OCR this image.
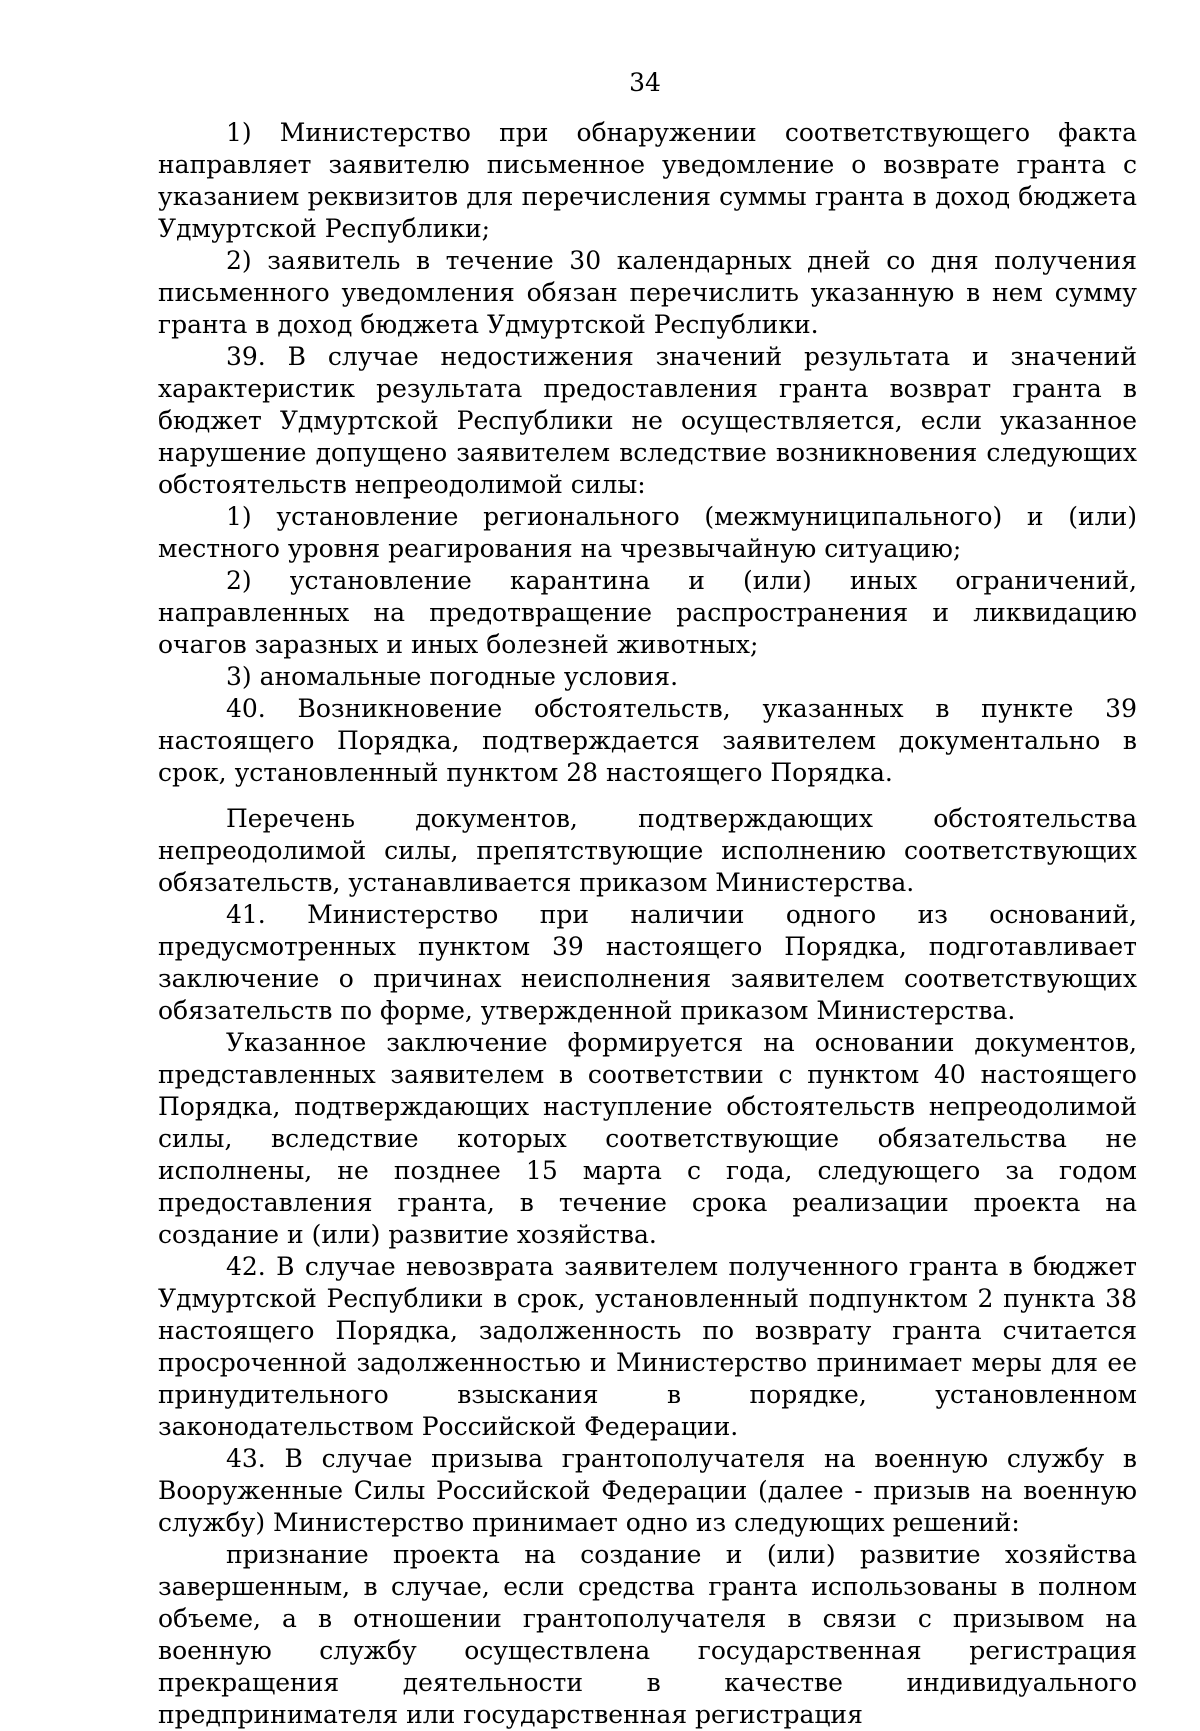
34

1) Министерство при обнаружении соответствующего факта направляет заявителю письменное уведомление о возврате гранта с указанием реквизитов для перечисления суммы гранта в доход бюджета Удмуртской Республики;

2) заявитель в течение 30 календарных дней со дня получения письменного уведомления обязан перечислить указанную в нем сумму гранта в доход бюджета Удмуртской Республики.

39. В случае недостижения значений результата и значений характеристик результата предоставления гранта возврат гранта в бюджет Удмуртской Республики не осуществляется, если указанное нарушение допущено заявителем вследствие возникновения следующих обстоятельств непреодолимой силы:

1) установление регионального (межмуниципального) и (или) местного уровня реагирования на чрезвычайную ситуацию;

2) установление карантина и (или) иных ограничений, направленных на предотвращение распространения и ликвидацию очагов заразных и иных болезней животных;

3) аномальные погодные условия.

40. Возникновение обстоятельств, указанных в пункте 39 настоящего Порядка, подтверждается заявителем документально в срок, установленный пунктом 28 настоящего Порядка.

Перечень документов, подтверждающих обстоятельства непреодолимой силы, препятствующие исполнению соответствующих обязательств, устанавливается приказом Министерства.

41. Министерство при наличии одного из оснований, предусмотренных пунктом 39 настоящего Порядка, подготавливает заключение о причинах неисполнения заявителем соответствующих обязательств по форме, утвержденной приказом Министерства.

Указанное заключение формируется на основании документов, представленных заявителем в соответствии с пунктом 40 настоящего Порядка, подтверждающих наступление обстоятельств непреодолимой силы, вследствие которых соответствующие обязательства не исполнены, не позднее 15 марта с года, следующего за годом предоставления гранта, в течение срока реализации проекта на создание и (или) развитие хозяйства.

42. В случае невозврата заявителем полученного гранта в бюджет Удмуртской Республики в срок, установленный подпунктом 2 пункта 38 настоящего Порядка, задолженность по возврату гранта считается просроченной задолженностью и Министерство принимает меры для ее принудительного взыскания в порядке, установленном законодательством Российской Федерации.

43. В случае призыва грантополучателя на военную службу в Вооруженные Силы Российской Федерации (далее - призыв на военную службу) Министерство принимает одно из следующих решений:

признание проекта на создание и (или) развитие хозяйства завершенным, в случае, если средства гранта использованы в полном объеме, а в отношении грантополучателя в связи с призывом на военную службу осуществлена государственная регистрация прекращения деятельности в качестве индивидуального предпринимателя или государственная регистрация
